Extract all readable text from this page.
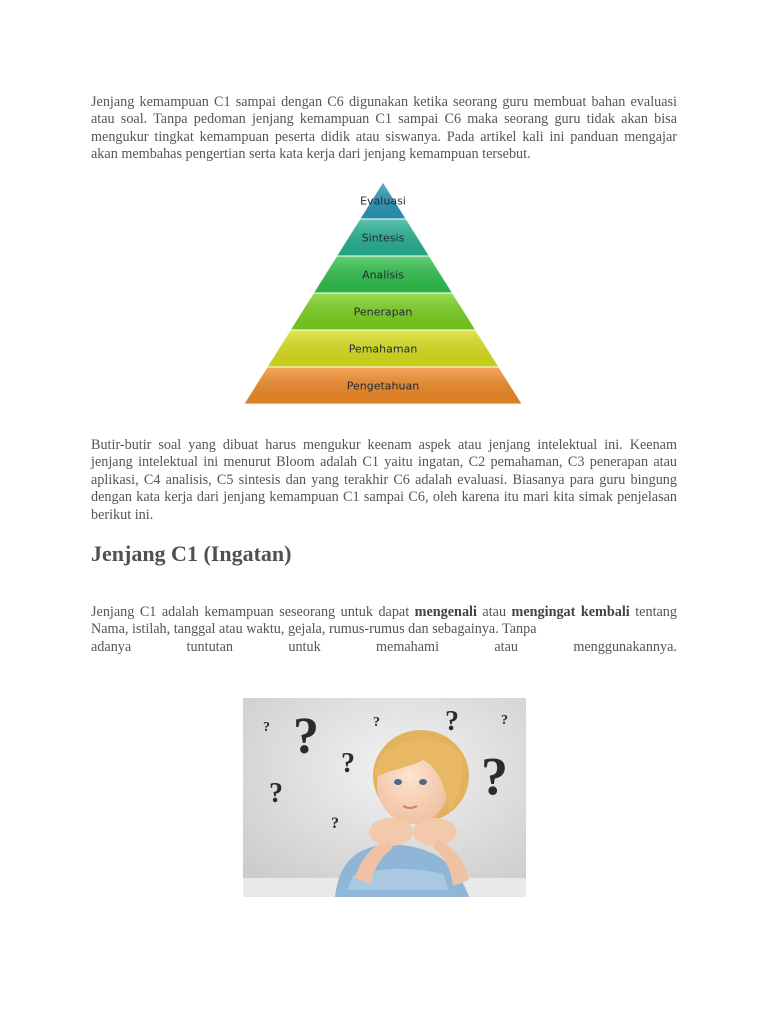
Jenjang kemampuan C1 sampai dengan C6 digunakan ketika seorang guru membuat bahan evaluasi atau soal. Tanpa pedoman jenjang kemampuan C1 sampai C6 maka seorang guru tidak akan bisa mengukur tingkat kemampuan peserta didik atau siswanya. Pada artikel kali ini panduan mengajar akan membahas pengertian serta kata kerja dari jenjang kemampuan tersebut.

Evaluasi
Sintesis
Analisis
Penerapan
Pemahaman
Pengetahuan

Butir-butir soal yang dibuat harus mengukur keenam aspek atau jenjang intelektual ini. Keenam jenjang intelektual ini menurut Bloom adalah C1 yaitu ingatan, C2 pemahaman, C3 penerapan atau aplikasi, C4 analisis, C5 sintesis dan yang terakhir C6 adalah evaluasi. Biasanya para guru bingung dengan kata kerja dari jenjang kemampuan C1 sampai C6, oleh karena itu mari kita simak penjelasan berikut ini.

Jenjang C1 (Ingatan)

Jenjang C1 adalah kemampuan seseorang untuk dapat mengenali atau mengingat kembali tentang Nama, istilah, tanggal atau waktu, gejala, rumus-rumus dan sebagainya. Tanpa
adanya	tuntutan	untuk	memahami	atau	menggunakannya.

? ? ?
? ?	?
?
?
?
